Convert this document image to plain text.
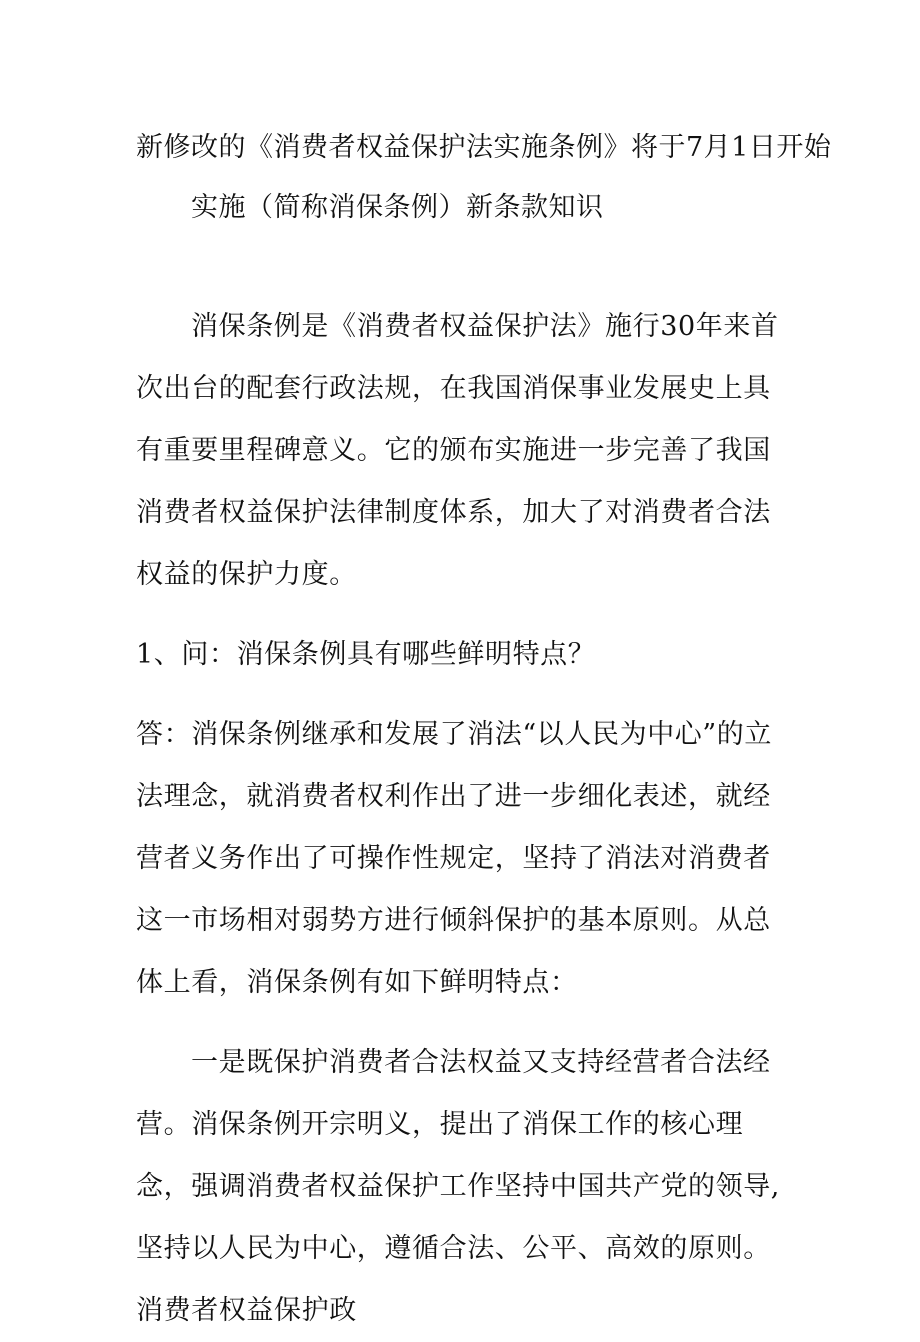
新修改的《消费者权益保护法实施条例》将于7月1日开始
实施（简称消保条例）新条款知识

消保条例是《消费者权益保护法》施行30年来首次出台的配套行政法规，在我国消保事业发展史上具有重要里程碑意义。它的颁布实施进一步完善了我国消费者权益保护法律制度体系，加大了对消费者合法权益的保护力度。

1、问：消保条例具有哪些鲜明特点？

答：消保条例继承和发展了消法“以人民为中心”的立法理念，就消费者权利作出了进一步细化表述，就经营者义务作出了可操作性规定，坚持了消法对消费者这一市场相对弱势方进行倾斜保护的基本原则。从总体上看，消保条例有如下鲜明特点：

一是既保护消费者合法权益又支持经营者合法经营。消保条例开宗明义，提出了消保工作的核心理念，强调消费者权益保护工作坚持中国共产党的领导,坚持以人民为中心，遵循合法、公平、高效的原则。消费者权益保护政
